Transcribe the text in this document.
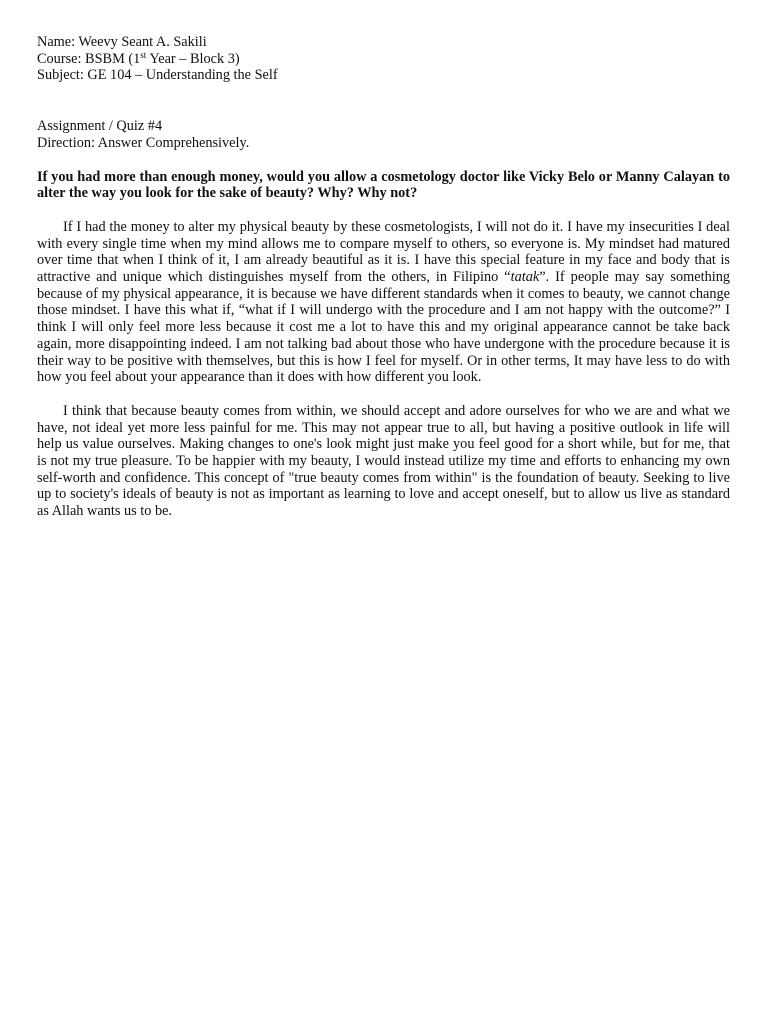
Name: Weevy Seant A. Sakili
Course: BSBM (1st Year – Block 3)
Subject: GE 104 – Understanding the Self
Assignment / Quiz #4
Direction: Answer Comprehensively.

If you had more than enough money, would you allow a cosmetology doctor like Vicky Belo or Manny Calayan to alter the way you look for the sake of beauty? Why? Why not?

If I had the money to alter my physical beauty by these cosmetologists, I will not do it. I have my insecurities I deal with every single time when my mind allows me to compare myself to others, so everyone is. My mindset had matured over time that when I think of it, I am already beautiful as it is. I have this special feature in my face and body that is attractive and unique which distinguishes myself from the others, in Filipino “tatak”. If people may say something because of my physical appearance, it is because we have different standards when it comes to beauty, we cannot change those mindset. I have this what if, “what if I will undergo with the procedure and I am not happy with the outcome?” I think I will only feel more less because it cost me a lot to have this and my original appearance cannot be take back again, more disappointing indeed. I am not talking bad about those who have undergone with the procedure because it is their way to be positive with themselves, but this is how I feel for myself. Or in other terms, It may have less to do with how you feel about your appearance than it does with how different you look.

I think that because beauty comes from within, we should accept and adore ourselves for who we are and what we have, not ideal yet more less painful for me. This may not appear true to all, but having a positive outlook in life will help us value ourselves. Making changes to one's look might just make you feel good for a short while, but for me, that is not my true pleasure. To be happier with my beauty, I would instead utilize my time and efforts to enhancing my own self-worth and confidence. This concept of "true beauty comes from within" is the foundation of beauty. Seeking to live up to society's ideals of beauty is not as important as learning to love and accept oneself, but to allow us live as standard as Allah wants us to be.
